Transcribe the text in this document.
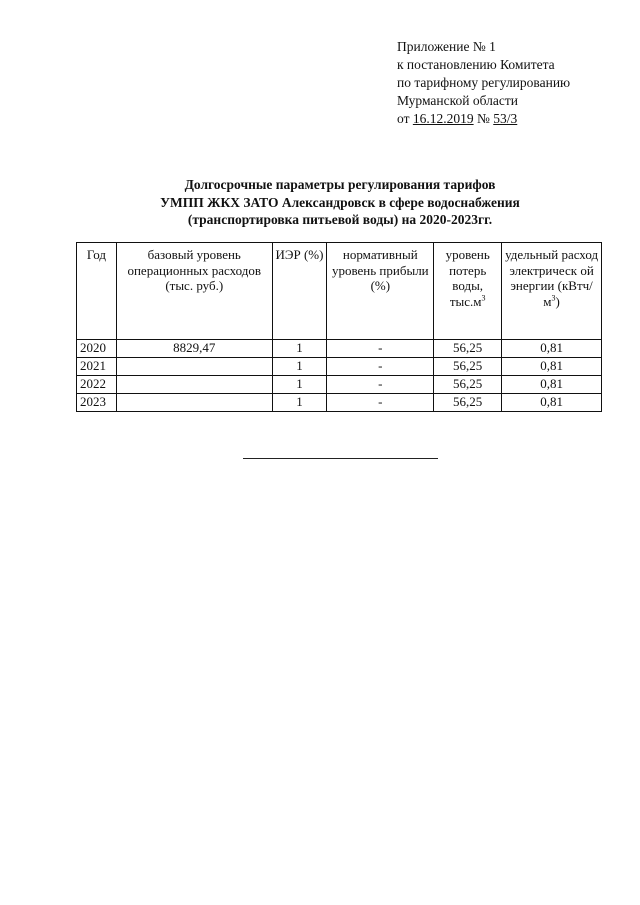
Приложение № 1
к постановлению Комитета
по тарифному регулированию
Мурманской области
от 16.12.2019 № 53/3
Долгосрочные параметры регулирования тарифов
УМПП ЖКХ ЗАТО Александровск в сфере водоснабжения
(транспортировка питьевой воды) на 2020-2023гг.
Год	базовый уровень операционных расходов (тыс. руб.)	ИЭР (%)	нормативный уровень прибыли (%)	уровень потерь воды, $тыс.м^3$	удельный расход электрическ ой энергии $(кВтч/м^3)$
2020	8829,47	1	-	56,25	0,81
2021		1	-	56,25	0,81
2022		1	-	56,25	0,81
2023		1	-	56,25	0,81
